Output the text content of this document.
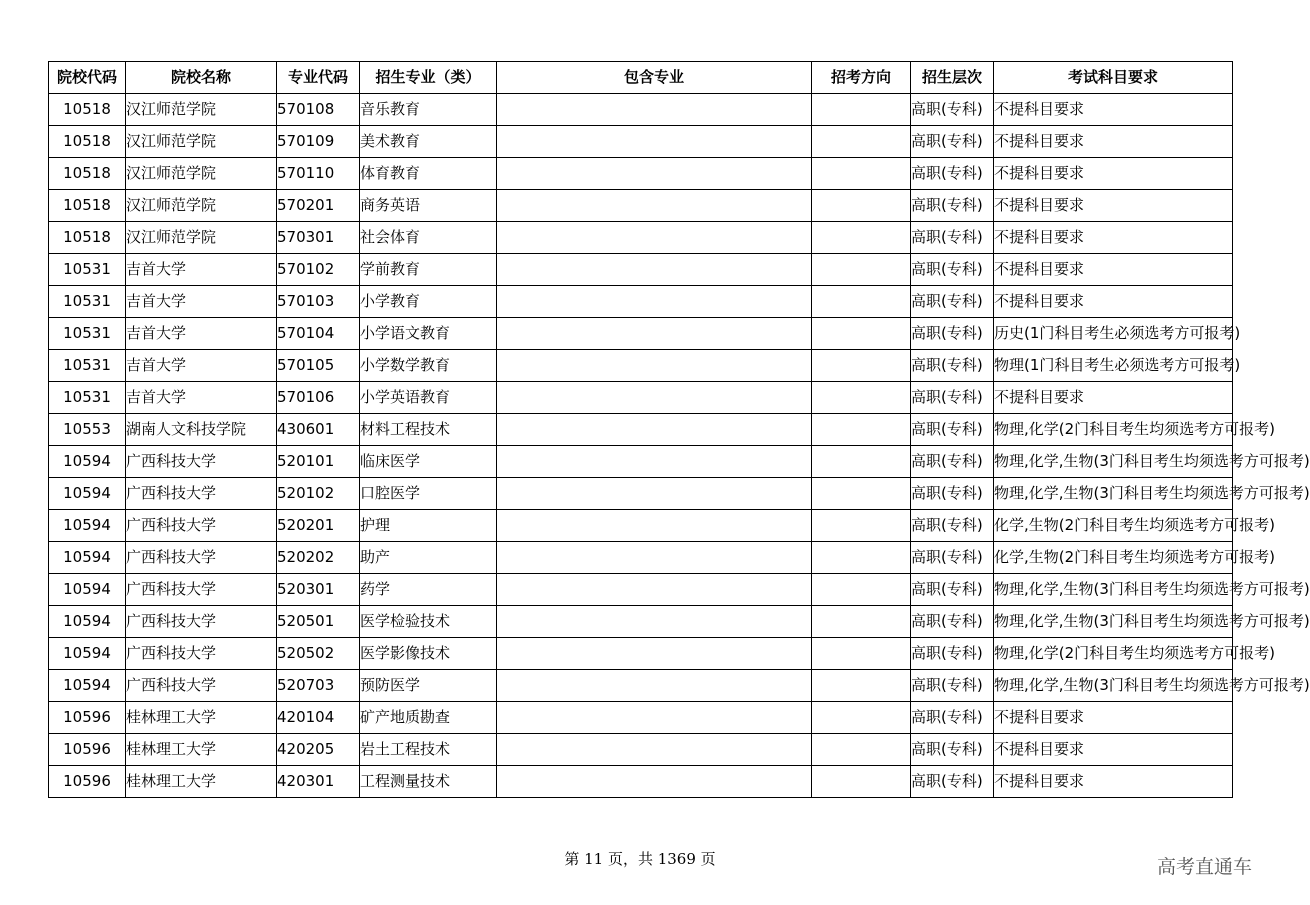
院校代码	院校名称	专业代码	招生专业（类）	包含专业	招考方向	招生层次	考试科目要求
10518	汉江师范学院	570108	音乐教育			高职(专科)	不提科目要求

10518	汉江师范学院	570109	美术教育			高职(专科)	不提科目要求

10518	汉江师范学院	570110	体育教育			高职(专科)	不提科目要求

10518	汉江师范学院	570201	商务英语			高职(专科)	不提科目要求

10518	汉江师范学院	570301	社会体育			高职(专科)	不提科目要求

10531	吉首大学	570102	学前教育			高职(专科)	不提科目要求

10531	吉首大学	570103	小学教育			高职(专科)	不提科目要求

10531	吉首大学	570104	小学语文教育			高职(专科)	历史(1门科目考生必须选考方可报考)

10531	吉首大学	570105	小学数学教育			高职(专科)	物理(1门科目考生必须选考方可报考)

10531	吉首大学	570106	小学英语教育			高职(专科)	不提科目要求

10553	湖南人文科技学院	430601	材料工程技术			高职(专科)	物理,化学(2门科目考生均须选考方可报考)

10594	广西科技大学	520101	临床医学			高职(专科)	物理,化学,生物(3门科目考生均须选考方可报考)

10594	广西科技大学	520102	口腔医学			高职(专科)	物理,化学,生物(3门科目考生均须选考方可报考)

10594	广西科技大学	520201	护理			高职(专科)	化学,生物(2门科目考生均须选考方可报考)

10594	广西科技大学	520202	助产			高职(专科)	化学,生物(2门科目考生均须选考方可报考)

10594	广西科技大学	520301	药学			高职(专科)	物理,化学,生物(3门科目考生均须选考方可报考)

10594	广西科技大学	520501	医学检验技术			高职(专科)	物理,化学,生物(3门科目考生均须选考方可报考)

10594	广西科技大学	520502	医学影像技术			高职(专科)	物理,化学(2门科目考生均须选考方可报考)

10594	广西科技大学	520703	预防医学			高职(专科)	物理,化学,生物(3门科目考生均须选考方可报考)

10596	桂林理工大学	420104	矿产地质勘查			高职(专科)	不提科目要求

10596	桂林理工大学	420205	岩土工程技术			高职(专科)	不提科目要求

10596	桂林理工大学	420301	工程测量技术			高职(专科)	不提科目要求
第 11 页，共 1369 页	高考直通车
